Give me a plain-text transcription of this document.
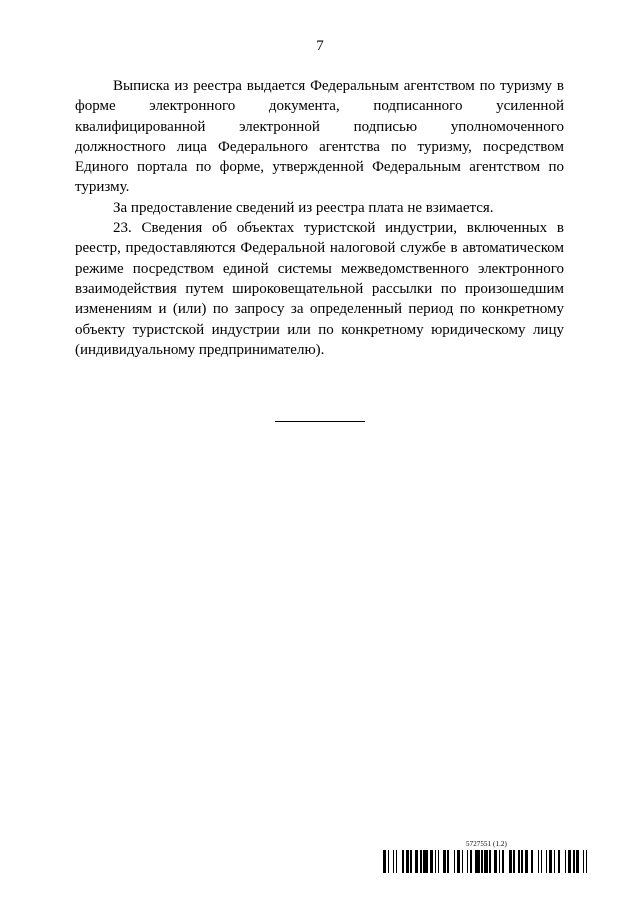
7

Выписка из реестра выдается Федеральным агентством по туризму в форме электронного документа, подписанного усиленной квалифицированной электронной подписью уполномоченного должностного лица Федерального агентства по туризму, посредством Единого портала по форме, утвержденной Федеральным агентством по туризму.

За предоставление сведений из реестра плата не взимается.

23. Сведения об объектах туристской индустрии, включенных в реестр, предоставляются Федеральной налоговой службе в автоматическом режиме посредством единой системы межведомственного электронного взаимодействия путем широковещательной рассылки по произошедшим изменениям и (или) по запросу за определенный период по конкретному объекту туристской индустрии или по конкретному юридическому лицу (индивидуальному предпринимателю).

5727551 (1.2)
